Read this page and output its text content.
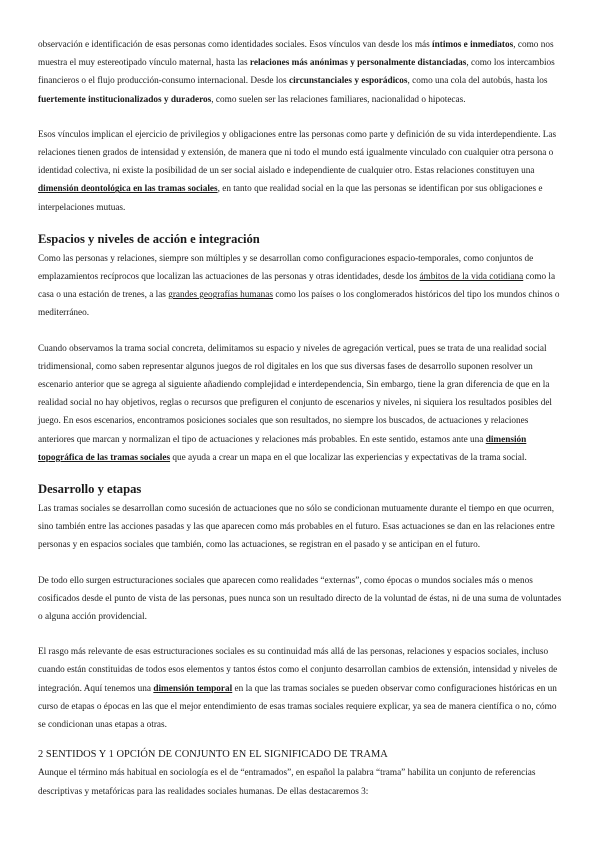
observación e identificación de esas personas como identidades sociales. Esos vínculos van desde los más íntimos e inmediatos, como nos muestra el muy estereotipado vínculo maternal, hasta las relaciones más anónimas y personalmente distanciadas, como los intercambios financieros o el flujo producción-consumo internacional. Desde los circunstanciales y esporádicos, como una cola del autobús, hasta los fuertemente institucionalizados y duraderos, como suelen ser las relaciones familiares, nacionalidad o hipotecas.

Esos vínculos implican el ejercicio de privilegios y obligaciones entre las personas como parte y definición de su vida interdependiente. Las relaciones tienen grados de intensidad y extensión, de manera que ni todo el mundo está igualmente vinculado con cualquier otra persona o identidad colectiva, ni existe la posibilidad de un ser social aislado e independiente de cualquier otro. Estas relaciones constituyen una dimensión deontológica en las tramas sociales, en tanto que realidad social en la que las personas se identifican por sus obligaciones e interpelaciones mutuas.

Espacios y niveles de acción e integración

Como las personas y relaciones, siempre son múltiples y se desarrollan como configuraciones espacio-temporales, como conjuntos de emplazamientos recíprocos que localizan las actuaciones de las personas y otras identidades, desde los ámbitos de la vida cotidiana como la casa o una estación de trenes, a las grandes geografías humanas como los países o los conglomerados históricos del tipo los mundos chinos o mediterráneo.

Cuando observamos la trama social concreta, delimitamos su espacio y niveles de agregación vertical, pues se trata de una realidad social tridimensional, como saben representar algunos juegos de rol digitales en los que sus diversas fases de desarrollo suponen resolver un escenario anterior que se agrega al siguiente añadiendo complejidad e interdependencia, Sin embargo, tiene la gran diferencia de que en la realidad social no hay objetivos, reglas o recursos que prefiguren el conjunto de escenarios y niveles, ni siquiera los resultados posibles del juego. En esos escenarios, encontramos posiciones sociales que son resultados, no siempre los buscados, de actuaciones y relaciones anteriores que marcan y normalizan el tipo de actuaciones y relaciones más probables. En este sentido, estamos ante una dimensión topográfica de las tramas sociales que ayuda a crear un mapa en el que localizar las experiencias y expectativas de la trama social.

Desarrollo y etapas

Las tramas sociales se desarrollan como sucesión de actuaciones que no sólo se condicionan mutuamente durante el tiempo en que ocurren, sino también entre las acciones pasadas y las que aparecen como más probables en el futuro. Esas actuaciones se dan en las relaciones entre personas y en espacios sociales que también, como las actuaciones, se registran en el pasado y se anticipan en el futuro.

De todo ello surgen estructuraciones sociales que aparecen como realidades “externas”, como épocas o mundos sociales más o menos cosificados desde el punto de vista de las personas, pues nunca son un resultado directo de la voluntad de éstas, ni de una suma de voluntades o alguna acción providencial.

El rasgo más relevante de esas estructuraciones sociales es su continuidad más allá de las personas, relaciones y espacios sociales, incluso cuando están constituidas de todos esos elementos y tantos éstos como el conjunto desarrollan cambios de extensión, intensidad y niveles de integración. Aquí tenemos una dimensión temporal en la que las tramas sociales se pueden observar como configuraciones históricas en un curso de etapas o épocas en las que el mejor entendimiento de esas tramas sociales requiere explicar, ya sea de manera científica o no, cómo se condicionan unas etapas a otras.

2 SENTIDOS Y 1 OPCIÓN DE CONJUNTO EN EL SIGNIFICADO DE TRAMA

Aunque el término más habitual en sociología es el de “entramados”, en español la palabra “trama” habilita un conjunto de referencias descriptivas y metafóricas para las realidades sociales humanas. De ellas destacaremos 3:
